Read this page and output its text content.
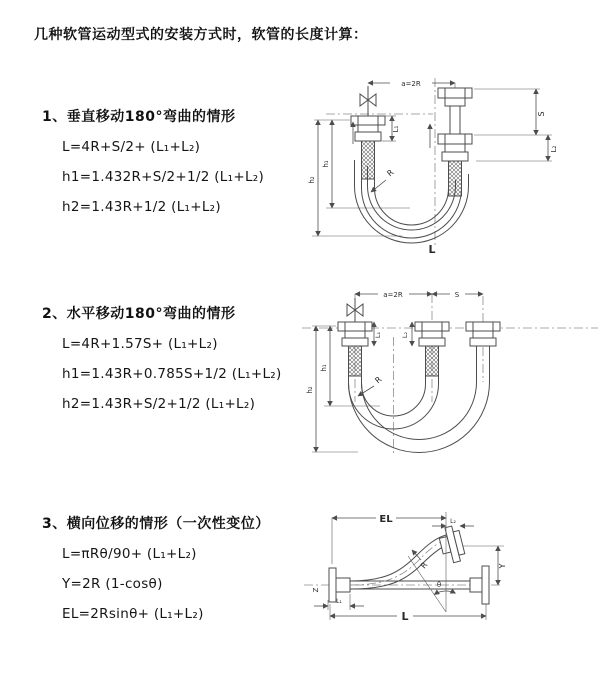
几种软管运动型式的安装方式时，软管的长度计算：
1、垂直移动180°弯曲的情形
L=4R+S/2+ (L₁+L₂)
h1=1.432R+S/2+1/2 (L₁+L₂)
h2=1.43R+1/2 (L₁+L₂)
2、水平移动180°弯曲的情形
L=4R+1.57S+ (L₁+L₂)
h1=1.43R+0.785S+1/2 (L₁+L₂)
h2=1.43R+S/2+1/2 (L₁+L₂)
3、横向位移的情形（一次性变位）
L=πRθ/90+ (L₁+L₂)
Y=2R (1-cosθ)
EL=2Rsinθ+ (L₁+L₂)
a=2R
L₁
h₁
h₂
S
L₂
R
L
a=2R	S
L₁	L₂
h₁
h₂
R
EL	L₂
Y
θ
R
L₁
L
Z
